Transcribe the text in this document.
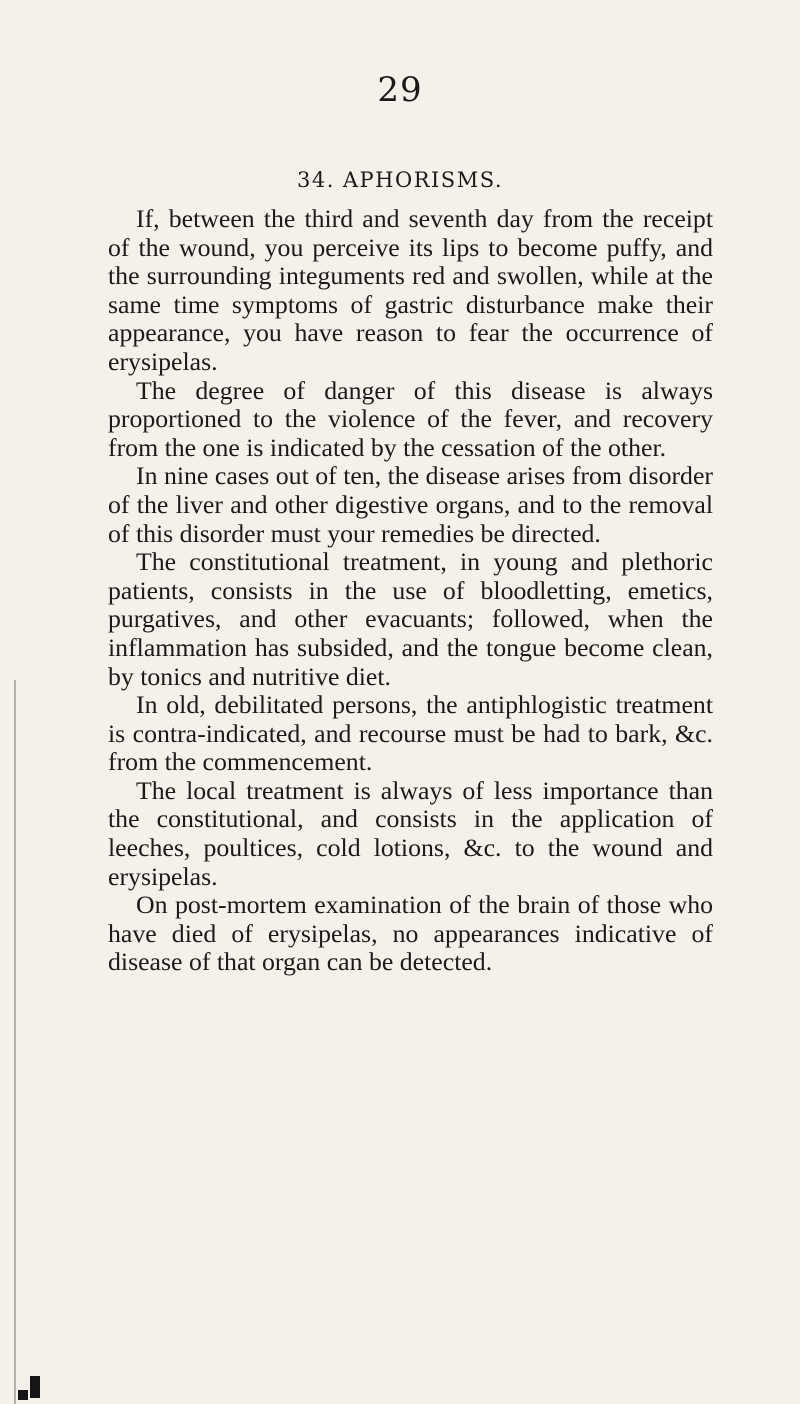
29
34. APHORISMS.

If, between the third and seventh day from the receipt of the wound, you perceive its lips to become puffy, and the surrounding integuments red and swollen, while at the same time symptoms of gastric disturbance make their appearance, you have reason to fear the occurrence of erysipelas.

The degree of danger of this disease is always proportioned to the violence of the fever, and recovery from the one is indicated by the cessation of the other.

In nine cases out of ten, the disease arises from disorder of the liver and other digestive organs, and to the removal of this disorder must your remedies be directed.

The constitutional treatment, in young and plethoric patients, consists in the use of bloodletting, emetics, purgatives, and other evacuants; followed, when the inflammation has subsided, and the tongue become clean, by tonics and nutritive diet.

In old, debilitated persons, the antiphlogistic treatment is contra-indicated, and recourse must be had to bark, &c. from the commencement.

The local treatment is always of less importance than the constitutional, and consists in the application of leeches, poultices, cold lotions, &c. to the wound and erysipelas.

On post-mortem examination of the brain of those who have died of erysipelas, no appearances indicative of disease of that organ can be detected.
